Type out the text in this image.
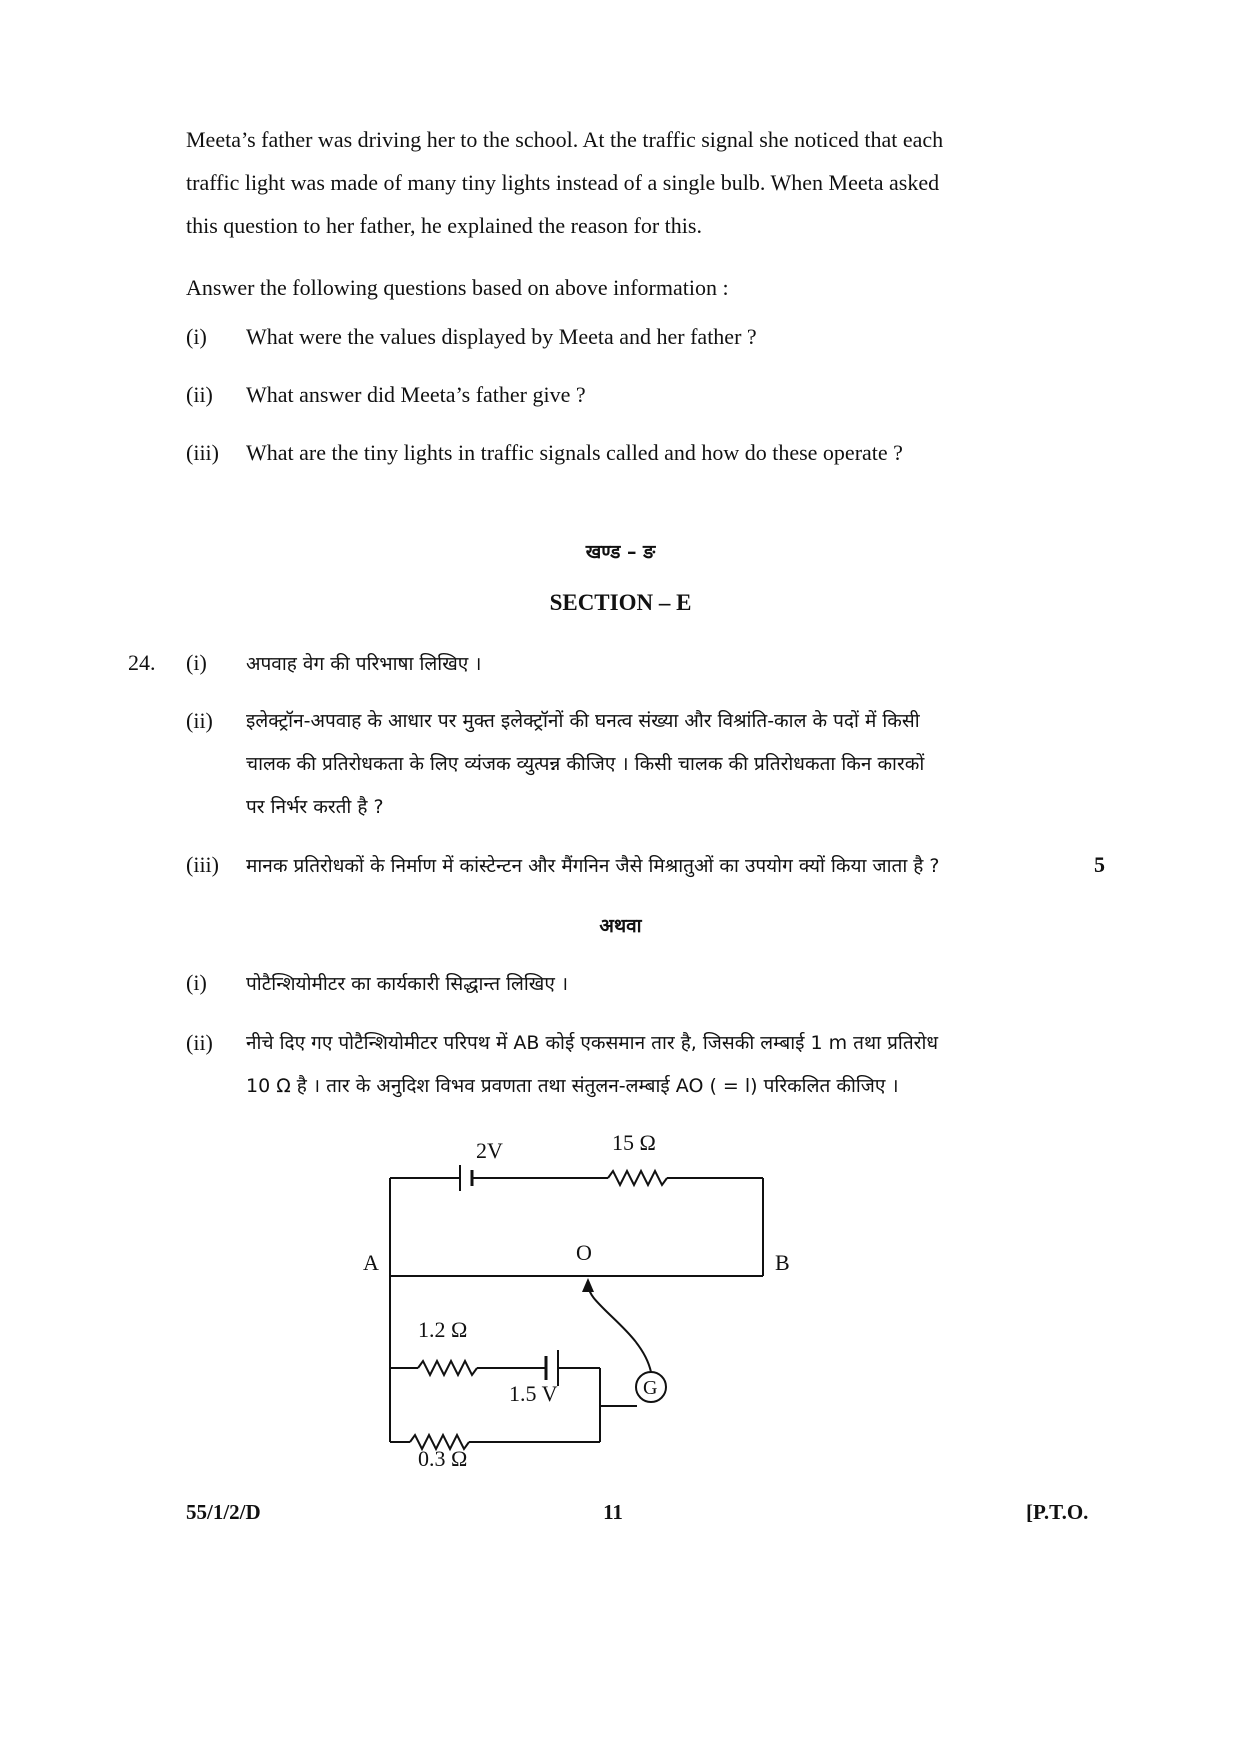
Meeta’s father was driving her to the school. At the traffic signal she noticed that each
traffic light was made of many tiny lights instead of a single bulb. When Meeta asked
this question to her father, he explained the reason for this.
Answer the following questions based on above information :
(i) What were the values displayed by Meeta and her father ?
(ii) What answer did Meeta’s father give ?
(iii) What are the tiny lights in traffic signals called and how do these operate ?
खण्ड – ङ
SECTION – E
24. (i) अपवाह वेग की परिभाषा लिखिए ।
(ii) इलेक्ट्रॉन-अपवाह के आधार पर मुक्त इलेक्ट्रॉनों की घनत्व संख्या और विश्रांति-काल के पदों में किसी
चालक की प्रतिरोधकता के लिए व्यंजक व्युत्पन्न कीजिए । किसी चालक की प्रतिरोधकता किन कारकों
पर निर्भर करती है ?
(iii) मानक प्रतिरोधकों के निर्माण में कांस्टेन्टन और मैंगनिन जैसे मिश्रातुओं का उपयोग क्यों किया जाता है ?	5
अथवा
(i) पोटैन्शियोमीटर का कार्यकारी सिद्धान्त लिखिए ।
(ii) नीचे दिए गए पोटैन्शियोमीटर परिपथ में AB कोई एकसमान तार है, जिसकी लम्बाई 1 m तथा प्रतिरोध
10 Ω है । तार के अनुदिश विभव प्रवणता तथा संतुलन-लम्बाई AO ( = l) परिकलित कीजिए ।
2V	15 Ω
A	O	B
1.2 Ω
1.5 V	G
0.3 Ω
55/1/2/D	11	[P.T.O.
